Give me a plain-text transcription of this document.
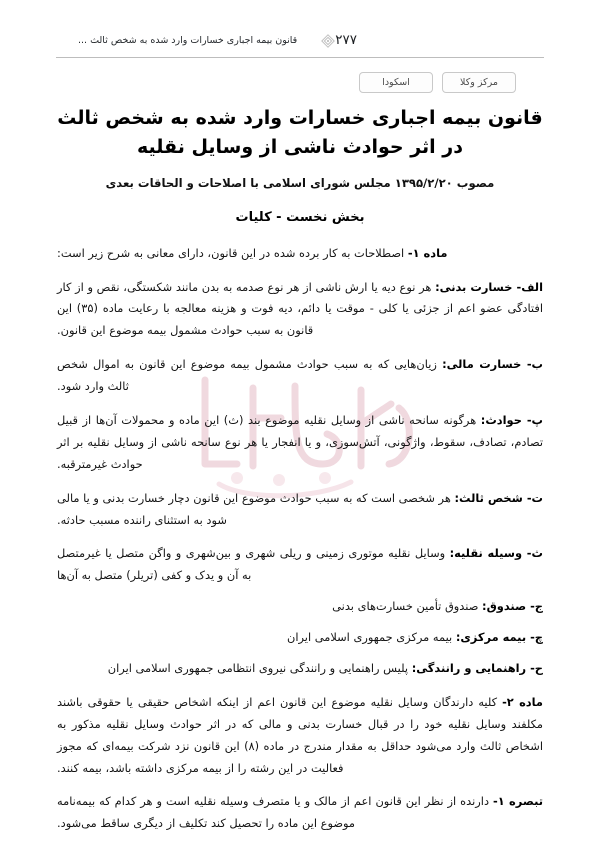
قانون بیمه اجباری خسارات وارد شده به شخص ثالث ...	۲۷۷
اسکودا	مرکز وکلا
قانون بیمه اجباری خسارات وارد شده به شخص ثالث در اثر حوادث ناشی از وسایل نقلیه
مصوب ۱۳۹۵/۲/۲۰ مجلس شورای اسلامی با اصلاحات و الحاقات بعدی
بخش نخست - کلیات

ماده ۱- اصطلاحات به کار برده شده در این قانون، دارای معانی به شرح زیر است:

الف- خسارت بدنی: هر نوع دیه یا ارش ناشی از هر نوع صدمه به بدن مانند شکستگی، نقص و از کار افتادگی عضو اعم از جزئی یا کلی - موقت یا دائم، دیه فوت و هزینه معالجه با رعایت ماده (۳۵) این قانون به سبب حوادث مشمول بیمه موضوع این قانون.

ب- خسارت مالی: زیان‌هایی که به سبب حوادث مشمول بیمه موضوع این قانون به اموال شخص ثالث وارد شود.

پ- حوادث: هرگونه سانحه ناشی از وسایل نقلیه موضوع بند (ث) این ماده و محمولات آن‌ها از قبیل تصادم، تصادف، سقوط، واژگونی، آتش‌سوزی، و یا انفجار یا هر نوع سانحه ناشی از وسایل نقلیه بر اثر حوادث غیرمترقبه.

ت- شخص ثالث: هر شخصی است که به سبب حوادث موضوع این قانون دچار خسارت بدنی و یا مالی شود به استثنای راننده مسبب حادثه.

ث- وسیله نقلیه: وسایل نقلیه موتوری زمینی و ریلی شهری و بین‌شهری و واگن متصل یا غیرمتصل به آن و یدک و کفی (تریلر) متصل به آن‌ها

ج- صندوق: صندوق تأمین خسارت‌های بدنی

چ- بیمه مرکزی: بیمه مرکزی جمهوری اسلامی ایران

ح- راهنمایی و رانندگی: پلیس راهنمایی و رانندگی نیروی انتظامی جمهوری اسلامی ایران

ماده ۲- کلیه دارندگان وسایل نقلیه موضوع این قانون اعم از اینکه اشخاص حقیقی یا حقوقی باشند مکلفند وسایل نقلیه خود را در قبال خسارت بدنی و مالی که در اثر حوادث وسایل نقلیه مذکور به اشخاص ثالث وارد می‌شود حداقل به مقدار مندرج در ماده (۸) این قانون نزد شرکت بیمه‌ای که مجوز فعالیت در این رشته را از بیمه مرکزی داشته باشد، بیمه کنند.

تبصره ۱- دارنده از نظر این قانون اعم از مالک و یا متصرف وسیله نقلیه است و هر کدام که بیمه‌نامه موضوع این ماده را تحصیل کند تکلیف از دیگری ساقط می‌شود.
